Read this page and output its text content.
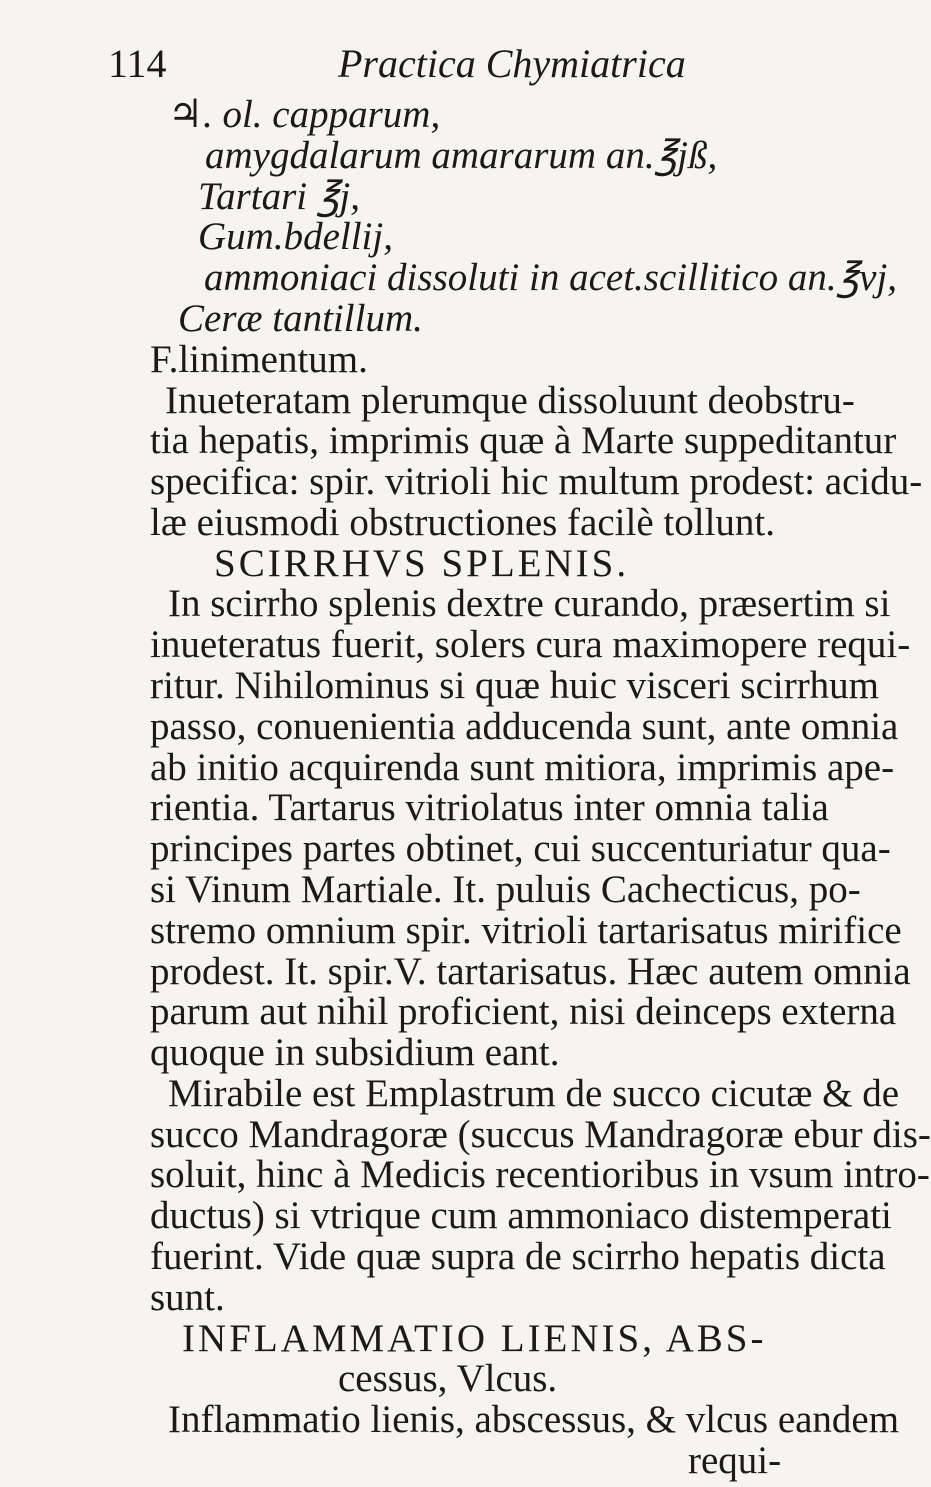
114	Practica Chymiatrica
♃. ol. capparum,
amygdalarum amararum an.℥jß,
Tartari ℥j,
Gum.bdellij,
ammoniaci dissoluti in acet.scillitico an.℥vj,
Ceræ tantillum.
F.linimentum.
Inueteratam plerumque dissoluunt deobstru-
tia hepatis, imprimis quæ à Marte suppeditantur
specifica: spir. vitrioli hic multum prodest: acidu-
læ eiusmodi obstructiones facilè tollunt.
SCIRRHVS SPLENIS.
In scirrho splenis dextre curando, præsertim si
inueteratus fuerit, solers cura maximopere requi-
ritur. Nihilominus si quæ huic visceri scirrhum
passo, conuenientia adducenda sunt, ante omnia
ab initio acquirenda sunt mitiora, imprimis ape-
rientia. Tartarus vitriolatus inter omnia talia
principes partes obtinet, cui succenturiatur qua-
si Vinum Martiale. It. puluis Cachecticus, po-
stremo omnium spir. vitrioli tartarisatus mirifice
prodest. It. spir.V. tartarisatus. Hæc autem omnia
parum aut nihil proficient, nisi deinceps externa
quoque in subsidium eant.
Mirabile est Emplastrum de succo cicutæ & de
succo Mandragoræ (succus Mandragoræ ebur dis-
soluit, hinc à Medicis recentioribus in vsum intro-
ductus) si vtrique cum ammoniaco distemperati
fuerint. Vide quæ supra de scirrho hepatis dicta
sunt.
INFLAMMATIO LIENIS, ABS-
cessus, Vlcus.
Inflammatio lienis, abscessus, & vlcus eandem
requi-
